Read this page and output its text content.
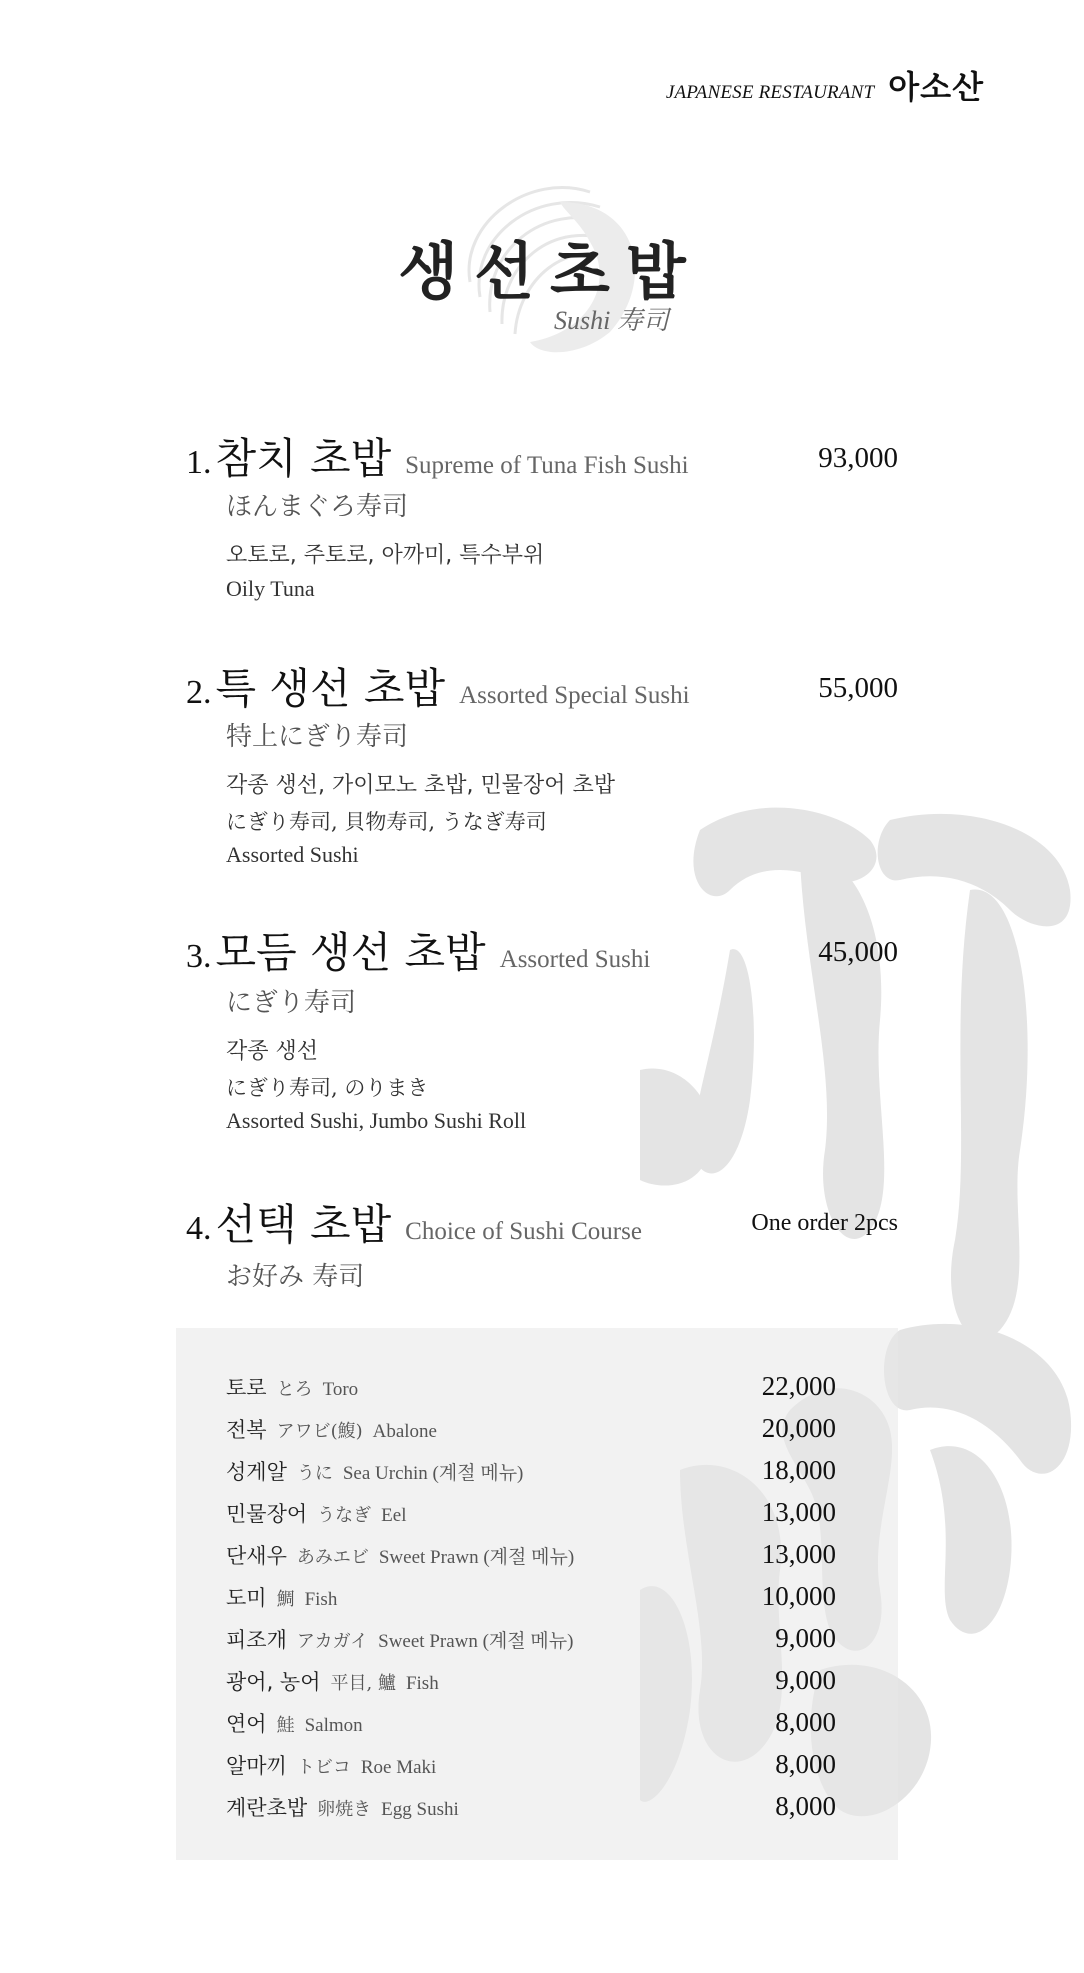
JAPANESE RESTAURANT 아소산
생선초밥
Sushi 寿司
1. 참치 초밥 Supreme of Tuna Fish Sushi	93,000
ほんまぐろ寿司
오토로, 주토로, 아까미, 특수부위
Oily Tuna
2. 특 생선 초밥 Assorted Special Sushi	55,000
特上にぎり寿司
각종 생선, 가이모노 초밥, 민물장어 초밥
にぎり寿司, 貝物寿司, うなぎ寿司
Assorted Sushi
3. 모듬 생선 초밥 Assorted Sushi	45,000
にぎり寿司
각종 생선
にぎり寿司, のりまき
Assorted Sushi, Jumbo Sushi Roll
4. 선택 초밥 Choice of Sushi Course	One order 2pcs
お好み 寿司
토로 とろ Toro	22,000
전복 アワビ(鰒) Abalone	20,000
성게알 うに Sea Urchin (계절 메뉴)	18,000
민물장어 うなぎ Eel	13,000
단새우 あみエビ Sweet Prawn (계절 메뉴)	13,000
도미 鯛 Fish	10,000
피조개 アカガイ Sweet Prawn (계절 메뉴)	9,000
광어, 농어 平目, 鱸 Fish	9,000
연어 鮭 Salmon	8,000
알마끼 トビコ Roe Maki	8,000
계란초밥 卵焼き Egg Sushi	8,000
